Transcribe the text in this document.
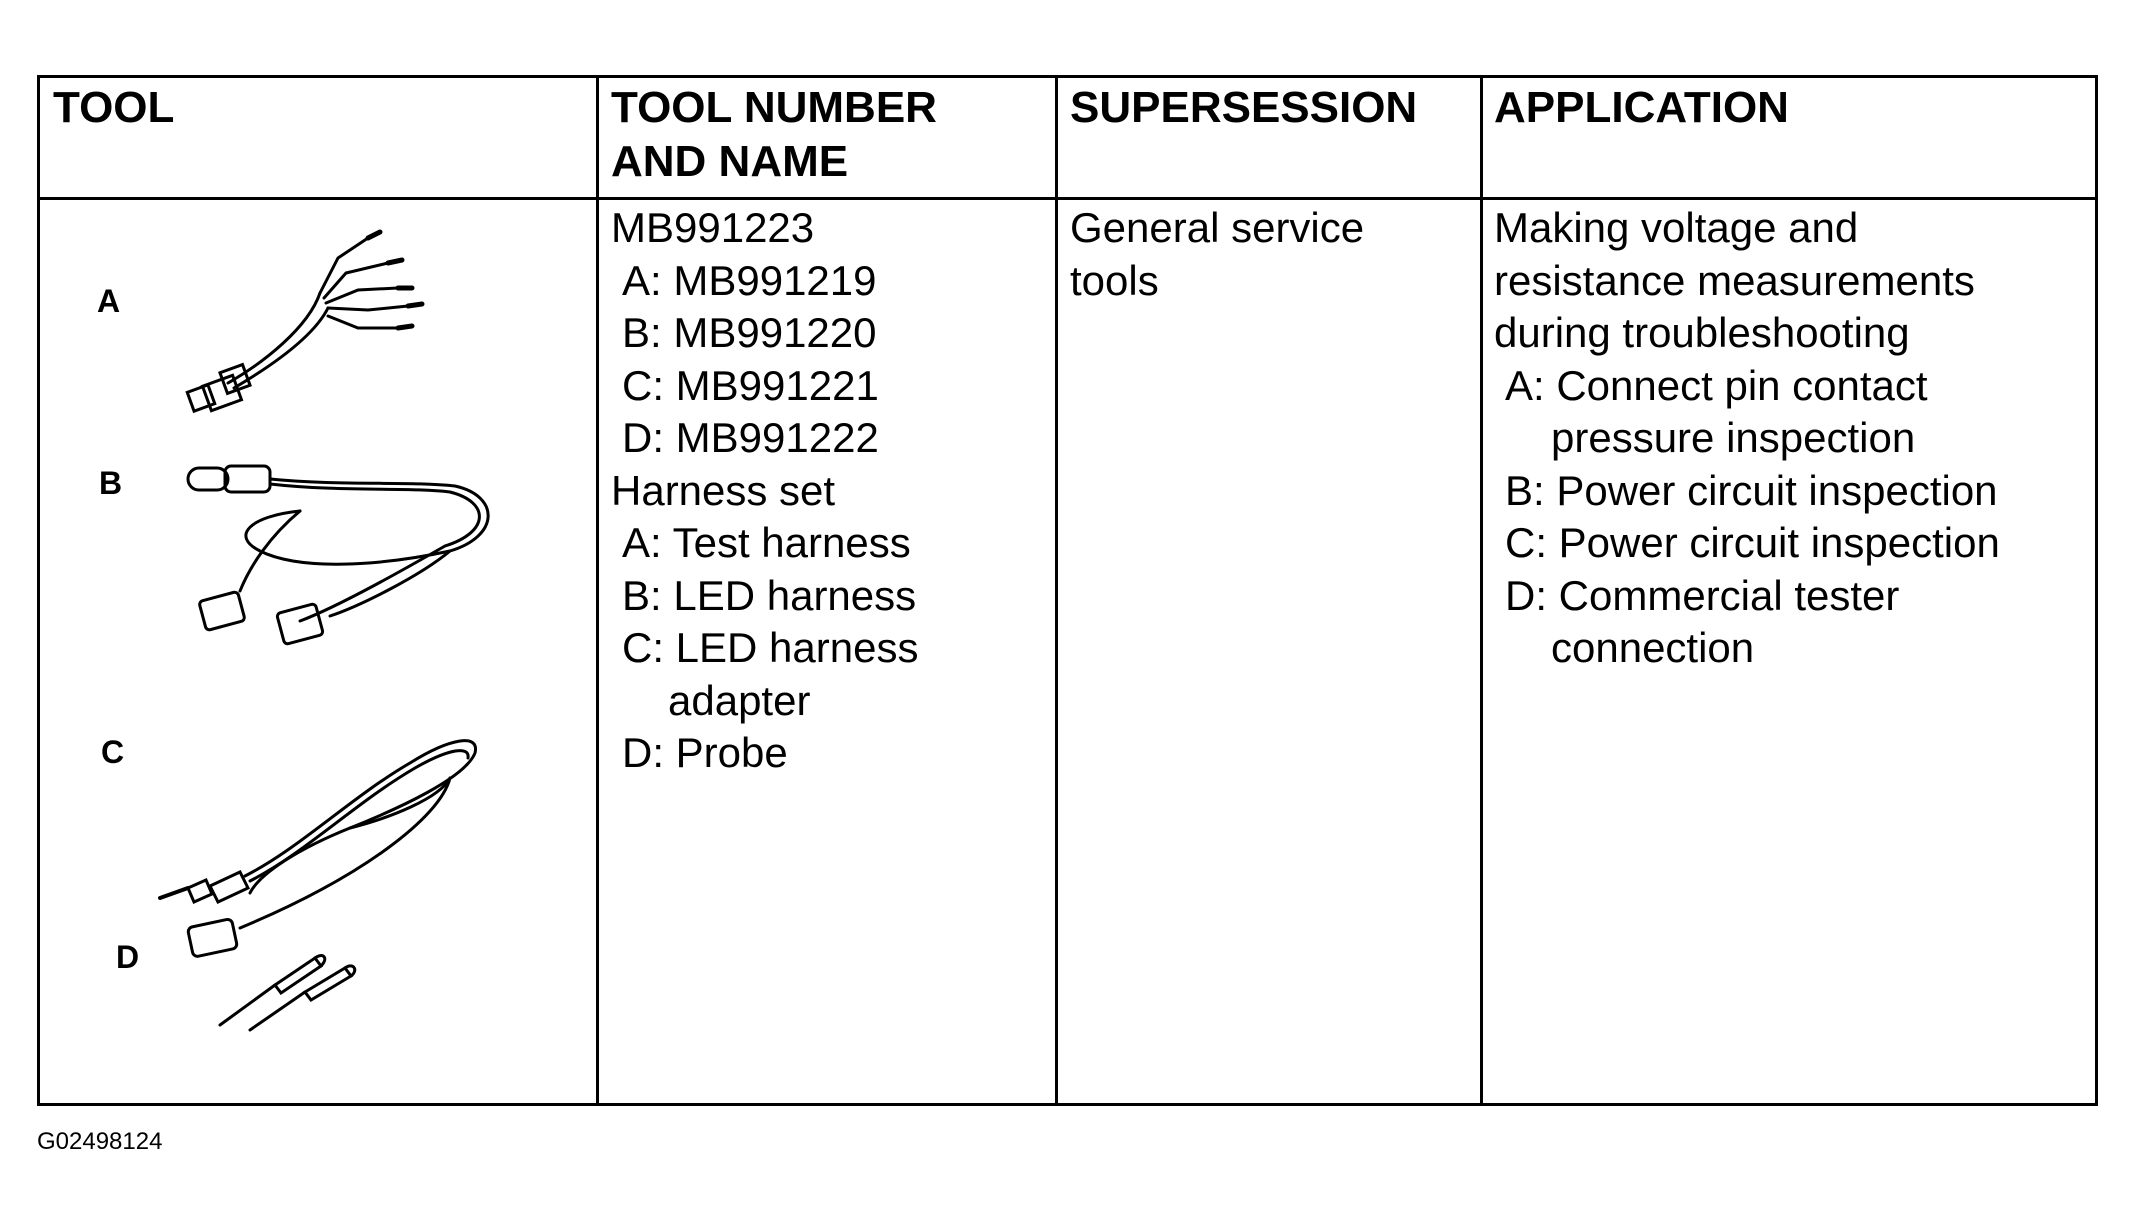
TOOL	TOOL NUMBER
AND NAME
SUPERSESSION APPLICATION
A
B
C
D
MB991223
A: MB991219
B: MB991220
C: MB991221
D: MB991222
Harness set
A: Test harness
B: LED harness
C: LED harness
adapter
D: Probe
General service
tools
Making voltage and
resistance measurements
during troubleshooting
A: Connect pin contact
pressure inspection
B: Power circuit inspection
C: Power circuit inspection
D: Commercial tester
connection
G02498124
